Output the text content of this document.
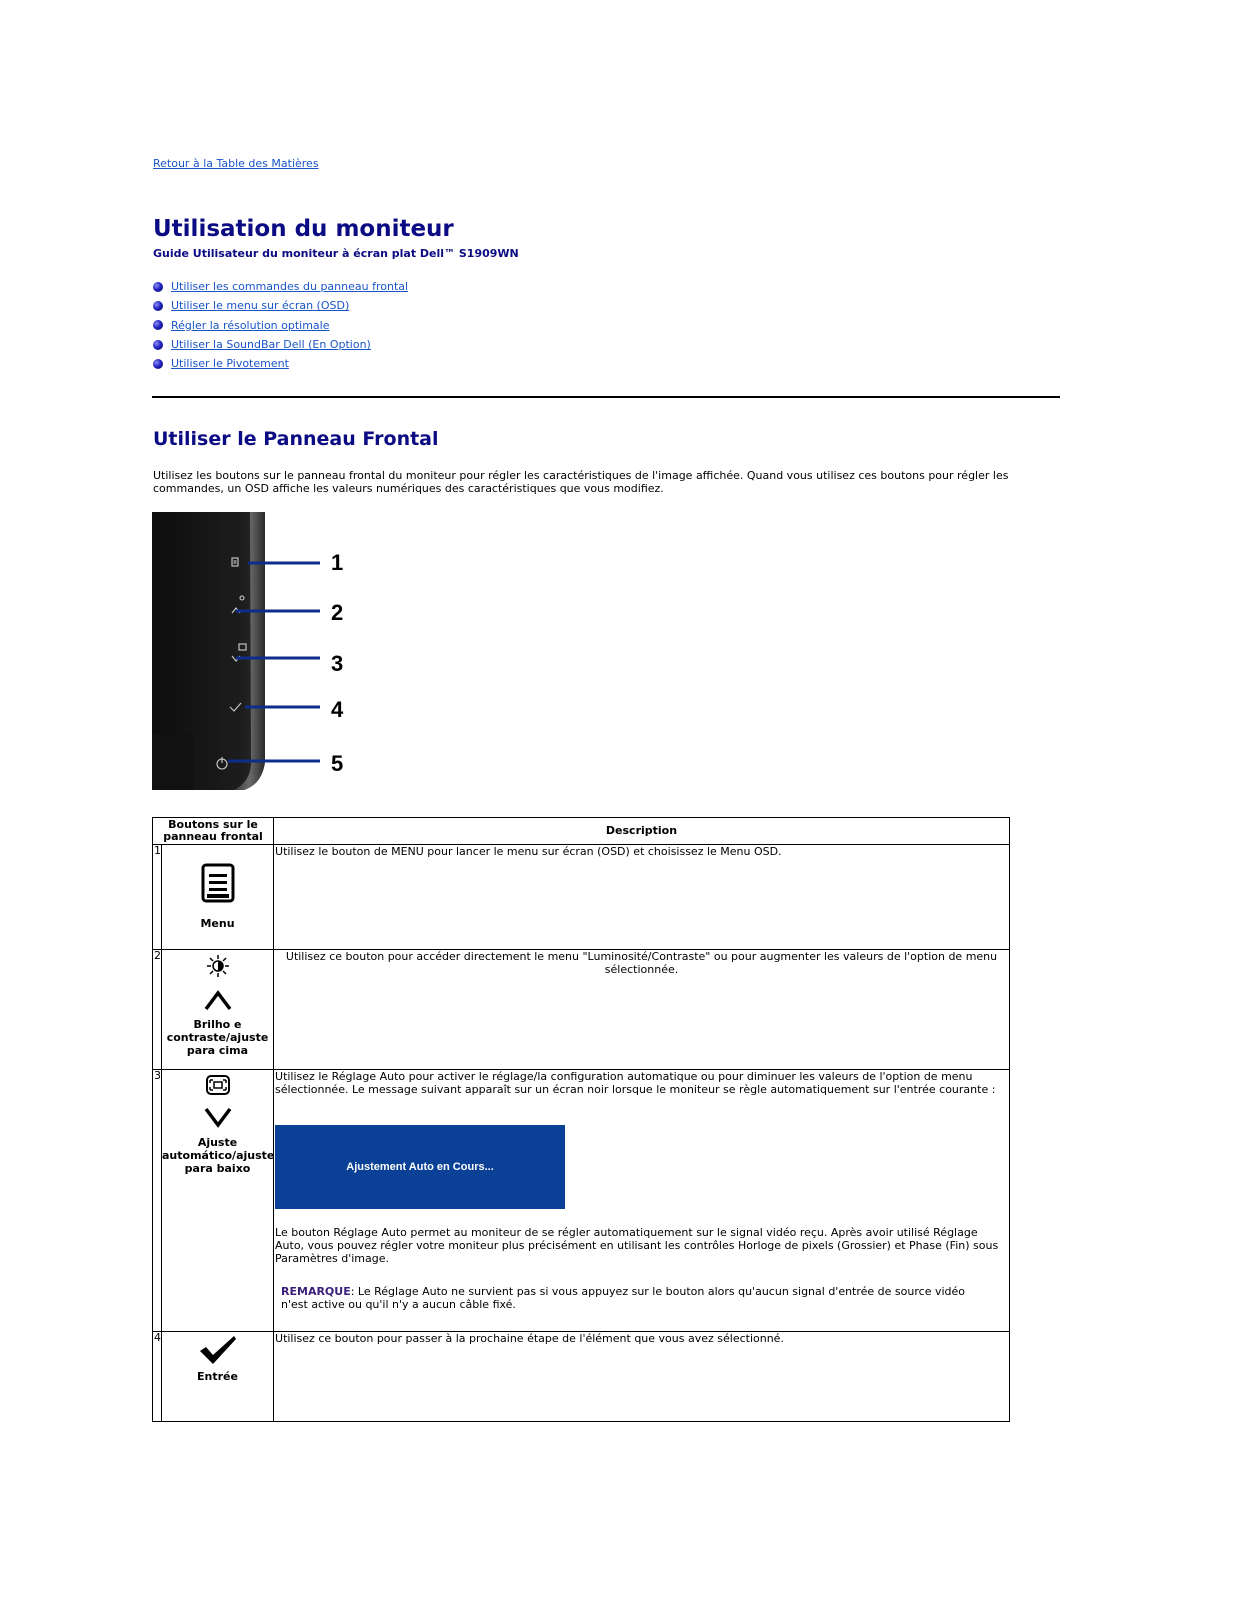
Retour à la Table des Matières
Utilisation du moniteur
Guide Utilisateur du moniteur à écran plat Dell™ S1909WN
Utiliser les commandes du panneau frontal
Utiliser le menu sur écran (OSD)
Régler la résolution optimale
Utiliser la SoundBar Dell (En Option)
Utiliser le Pivotement
Utiliser le Panneau Frontal

Utilisez les boutons sur le panneau frontal du moniteur pour régler les caractéristiques de l'image affichée. Quand vous utilisez ces boutons pour régler les commandes, un OSD affiche les valeurs numériques des caractéristiques que vous modifiez.

1
2
3
4
5
Boutons sur le panneau frontal		Description
1	Menu	Utilisez le bouton de MENU pour lancer le menu sur écran (OSD) et choisissez le Menu OSD.
2	Brilho e contraste/ajuste para cima	Utilisez ce bouton pour accéder directement le menu "Luminosité/Contraste" ou pour augmenter les valeurs de l'option de menu sélectionnée.
3	Ajuste automático/ajuste para baixo	Utilisez le Réglage Auto pour activer le réglage/la configuration automatique ou pour diminuer les valeurs de l'option de menu sélectionnée. Le message suivant apparaît sur un écran noir lorsque le moniteur se règle automatiquement sur l'entrée courante :
Ajustement Auto en Cours...
Le bouton Réglage Auto permet au moniteur de se régler automatiquement sur le signal vidéo reçu. Après avoir utilisé Réglage Auto, vous pouvez régler votre moniteur plus précisément en utilisant les contrôles Horloge de pixels (Grossier) et Phase (Fin) sous Paramètres d'image.
REMARQUE: Le Réglage Auto ne survient pas si vous appuyez sur le bouton alors qu'aucun signal d'entrée de source vidéo n'est active ou qu'il n'y a aucun câble fixé.

4	Entrée	Utilisez ce bouton pour passer à la prochaine étape de l'élément que vous avez sélectionné.
